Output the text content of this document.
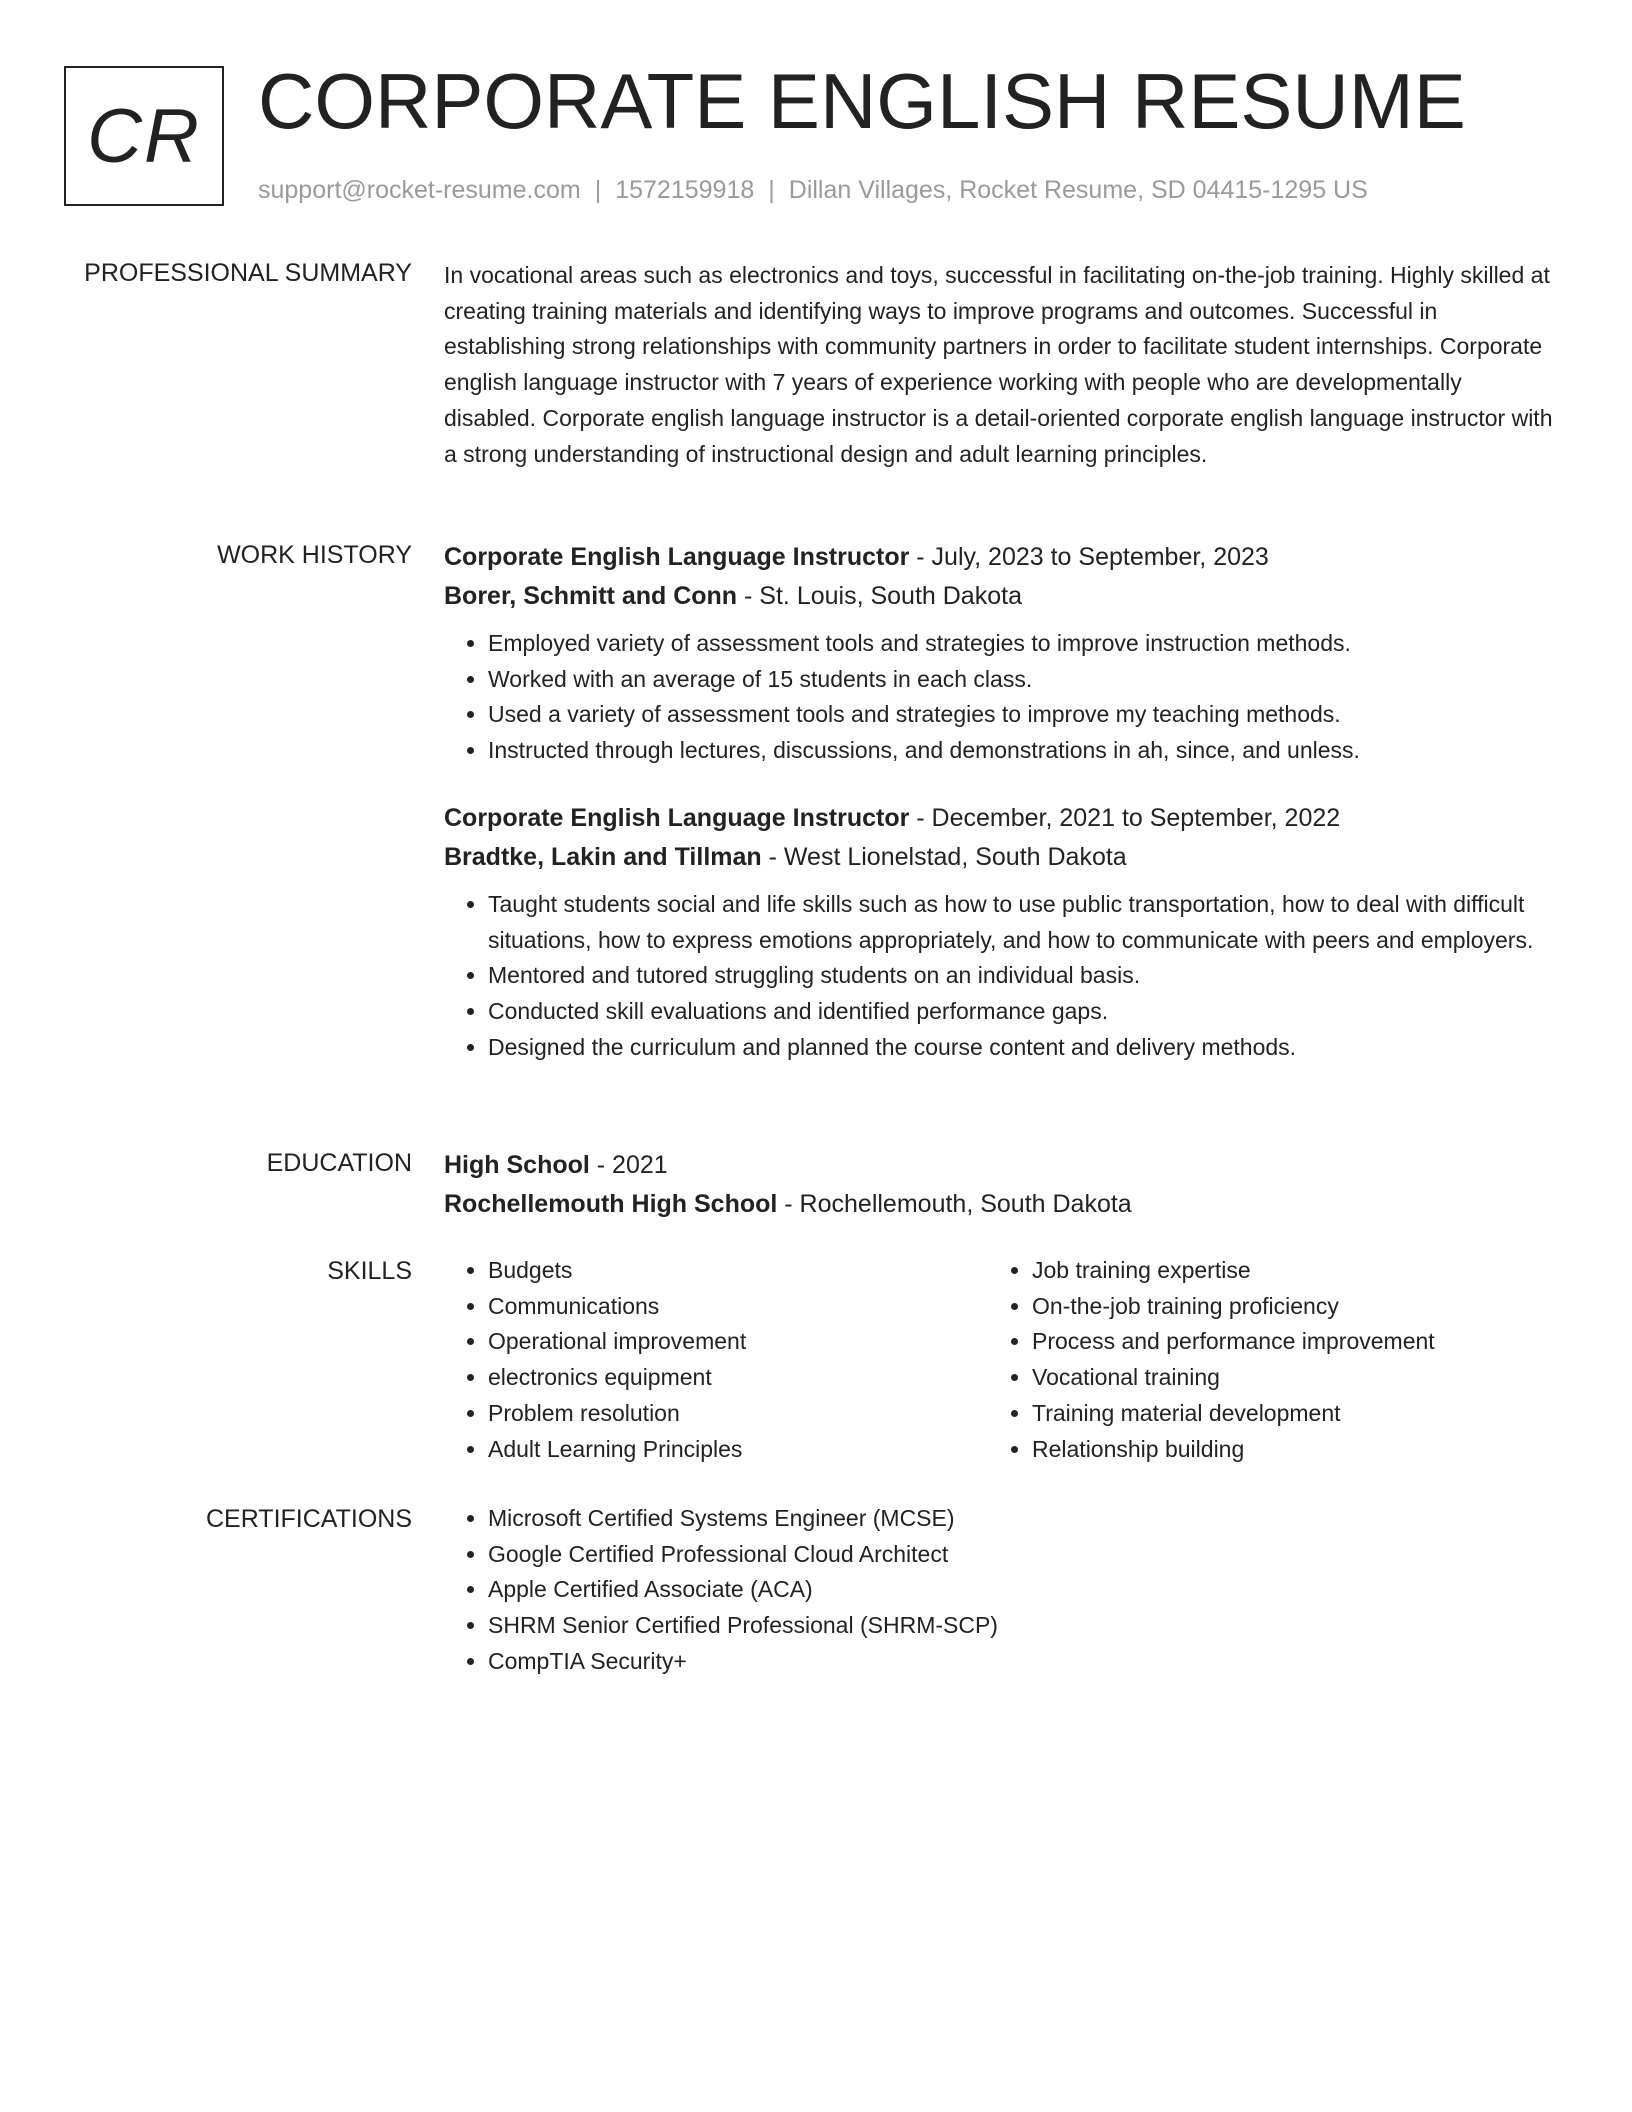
CR CORPORATE ENGLISH RESUME
support@rocket-resume.com | 1572159918 | Dillan Villages, Rocket Resume, SD 04415-1295 US
PROFESSIONAL SUMMARY In vocational areas such as electronics and toys, successful in facilitating on-the-job training. Highly skilled at creating training materials and identifying ways to improve programs and outcomes. Successful in establishing strong relationships with community partners in order to facilitate student internships. Corporate english language instructor with 7 years of experience working with people who are developmentally disabled. Corporate english language instructor is a detail-oriented corporate english language instructor with a strong understanding of instructional design and adult learning principles.

WORK HISTORY Corporate English Language Instructor - July, 2023 to September, 2023
Borer, Schmitt and Conn - St. Louis, South Dakota
• Employed variety of assessment tools and strategies to improve instruction methods.
• Worked with an average of 15 students in each class.
• Used a variety of assessment tools and strategies to improve my teaching methods.
• Instructed through lectures, discussions, and demonstrations in ah, since, and unless.
Corporate English Language Instructor - December, 2021 to September, 2022
Bradtke, Lakin and Tillman - West Lionelstad, South Dakota
• Taught students social and life skills such as how to use public transportation, how to deal with difficult situations, how to express emotions appropriately, and how to communicate with peers and employers.
• Mentored and tutored struggling students on an individual basis.
• Conducted skill evaluations and identified performance gaps.
• Designed the curriculum and planned the course content and delivery methods.
EDUCATION High School - 2021
Rochellemouth High School - Rochellemouth, South Dakota
SKILLS	• Budgets
• Communications
• Operational improvement
• electronics equipment
• Problem resolution
• Adult Learning Principles
• Job training expertise
• On-the-job training proficiency
• Process and performance improvement
• Vocational training
• Training material development
• Relationship building
CERTIFICATIONS	• Microsoft Certified Systems Engineer (MCSE)
• Google Certified Professional Cloud Architect
• Apple Certified Associate (ACA)
• SHRM Senior Certified Professional (SHRM-SCP)
• CompTIA Security+
